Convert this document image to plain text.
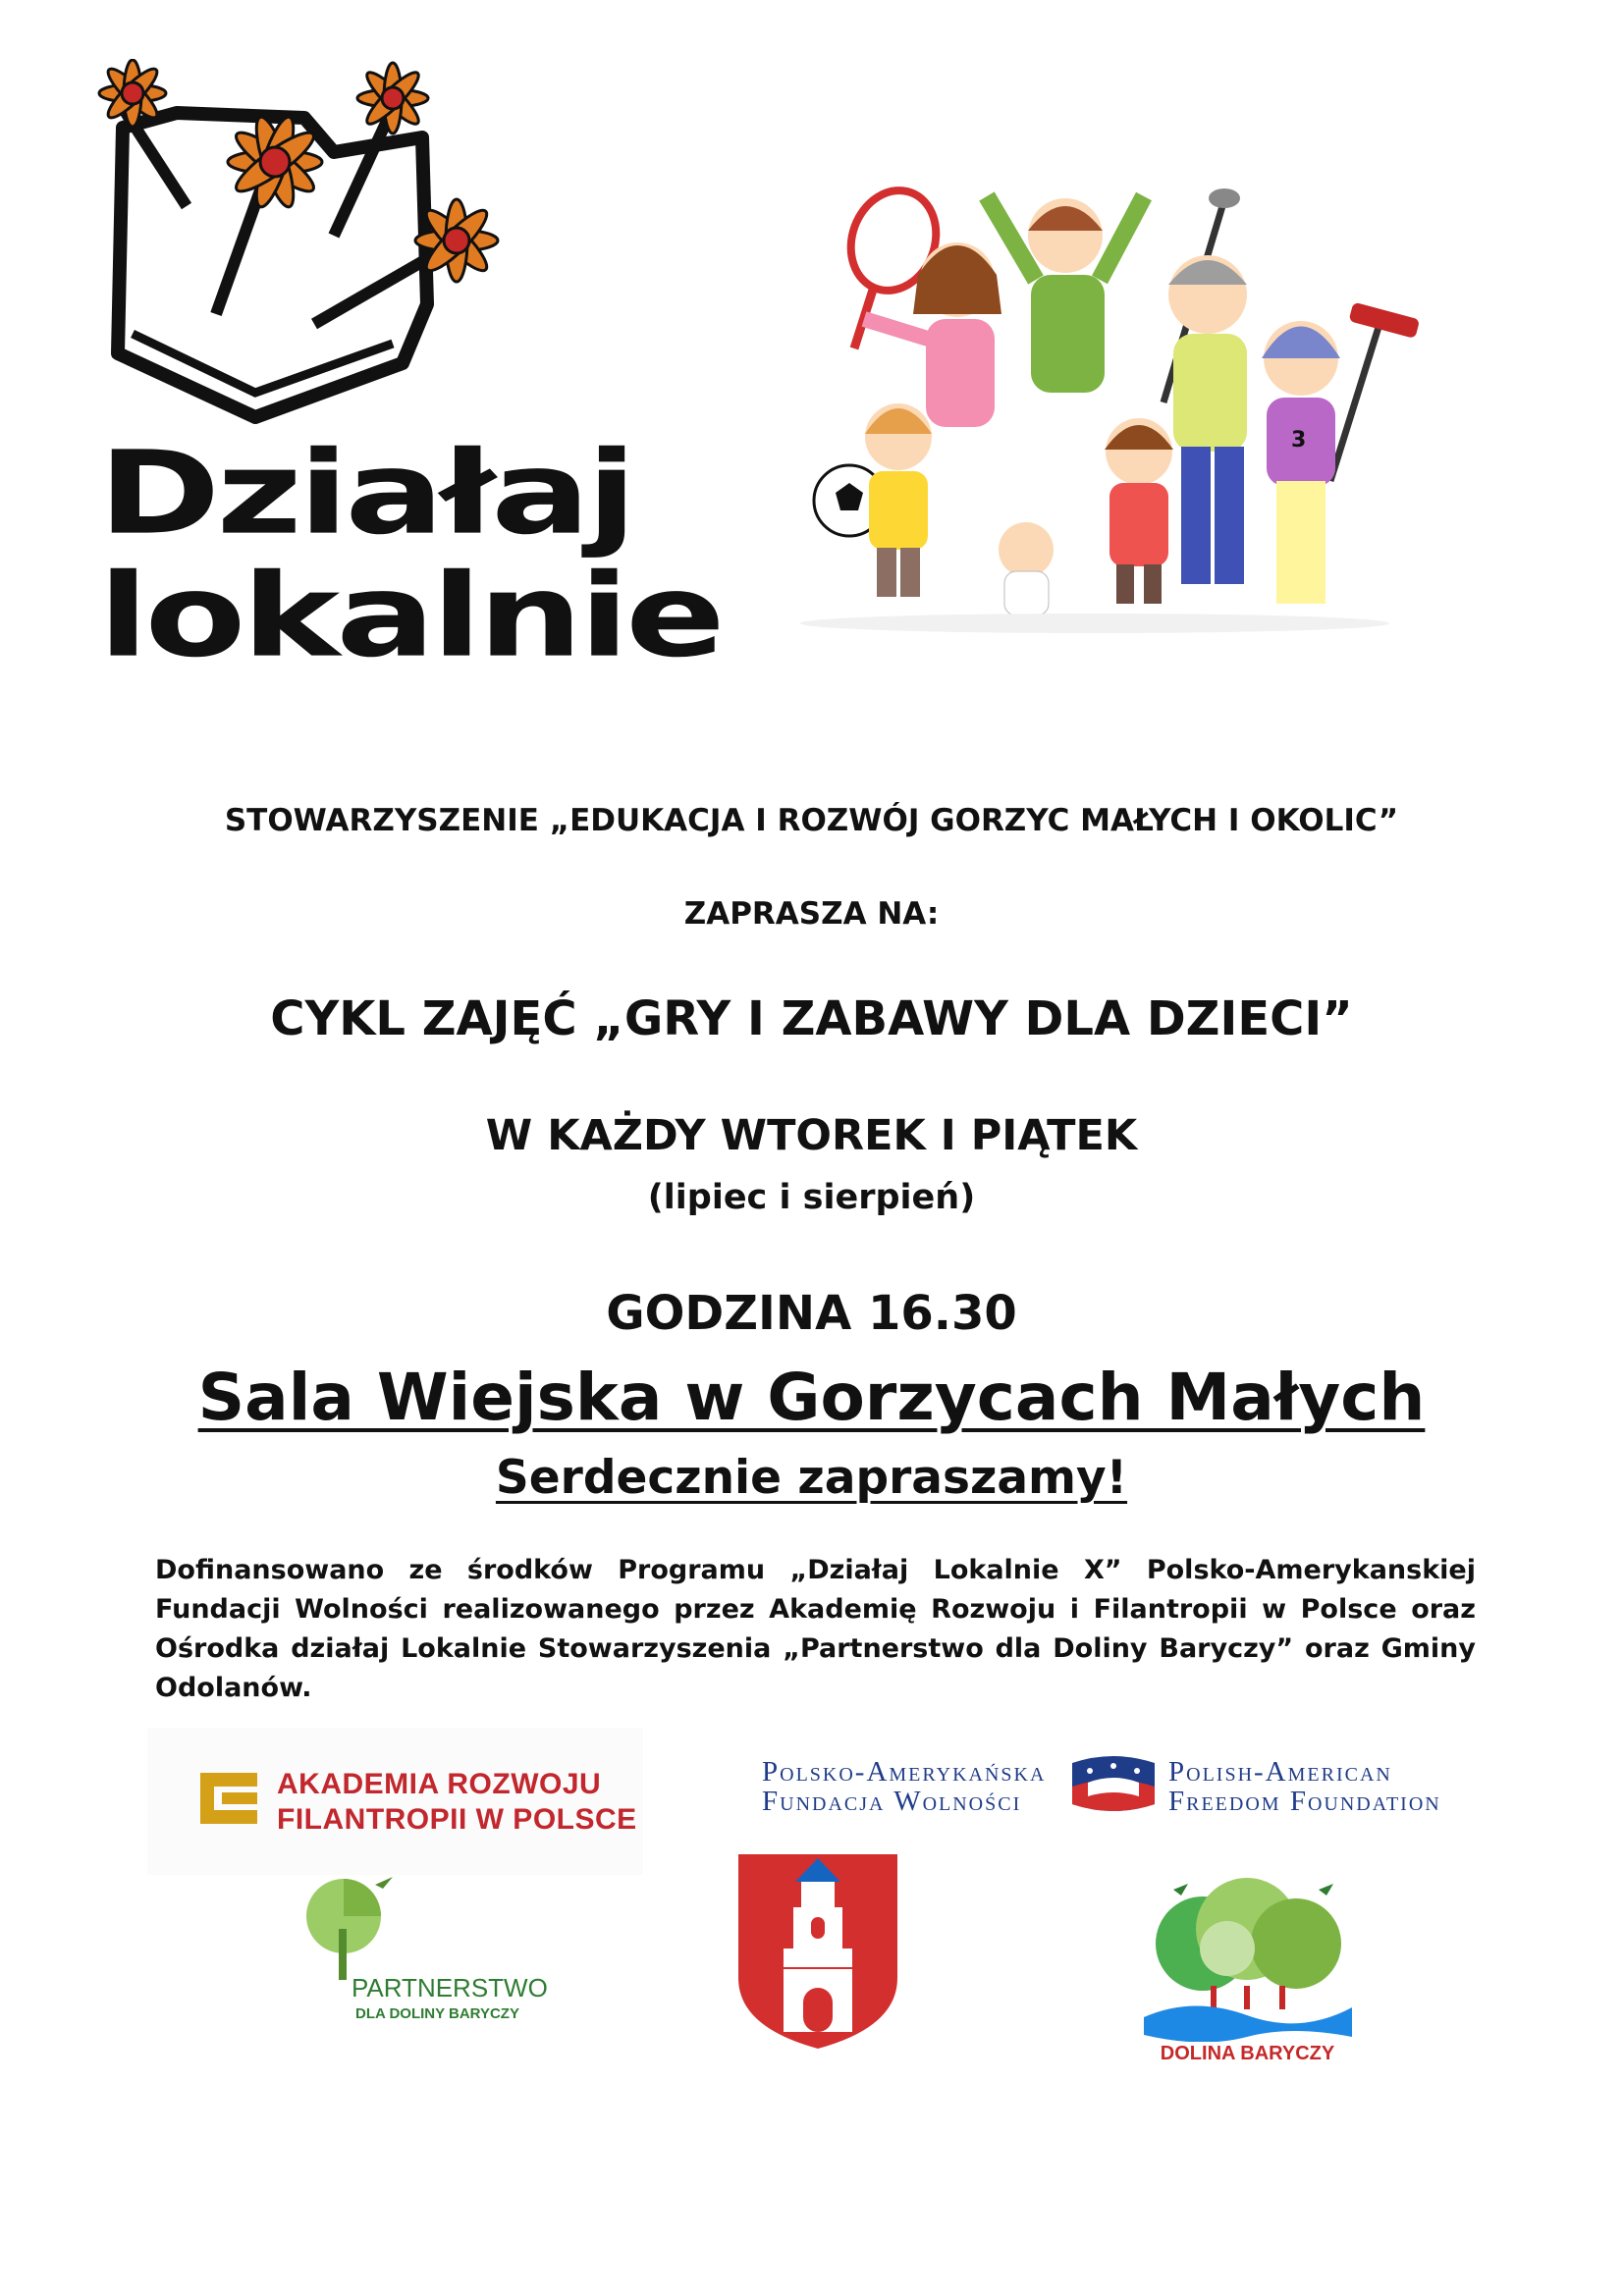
Działaj
lokalnie
3
STOWARZYSZENIE „EDUKACJA I ROZWÓJ GORZYC MAŁYCH I OKOLIC”
ZAPRASZA NA:
CYKL ZAJĘĆ „GRY I ZABAWY DLA DZIECI”
W KAŻDY WTOREK I PIĄTEK
(lipiec i sierpień)
GODZINA 16.30
Sala Wiejska w Gorzycach Małych
Serdecznie zapraszamy!
Dofinansowano ze środków Programu „Działaj Lokalnie X” Polsko-Amerykanskiej Fundacji Wolności realizowanego przez Akademię Rozwoju i Filantropii w Polsce oraz Ośrodka działaj Lokalnie Stowarzyszenia „Partnerstwo dla Doliny Baryczy” oraz Gminy Odolanów.
AKADEMIA ROZWOJU
FILANTROPII W POLSCE
Polsko-Amerykańska
Fundacja Wolności
Polish-American
Freedom Foundation
PARTNERSTWO
DLA DOLINY BARYCZY
DOLINA BARYCZY
